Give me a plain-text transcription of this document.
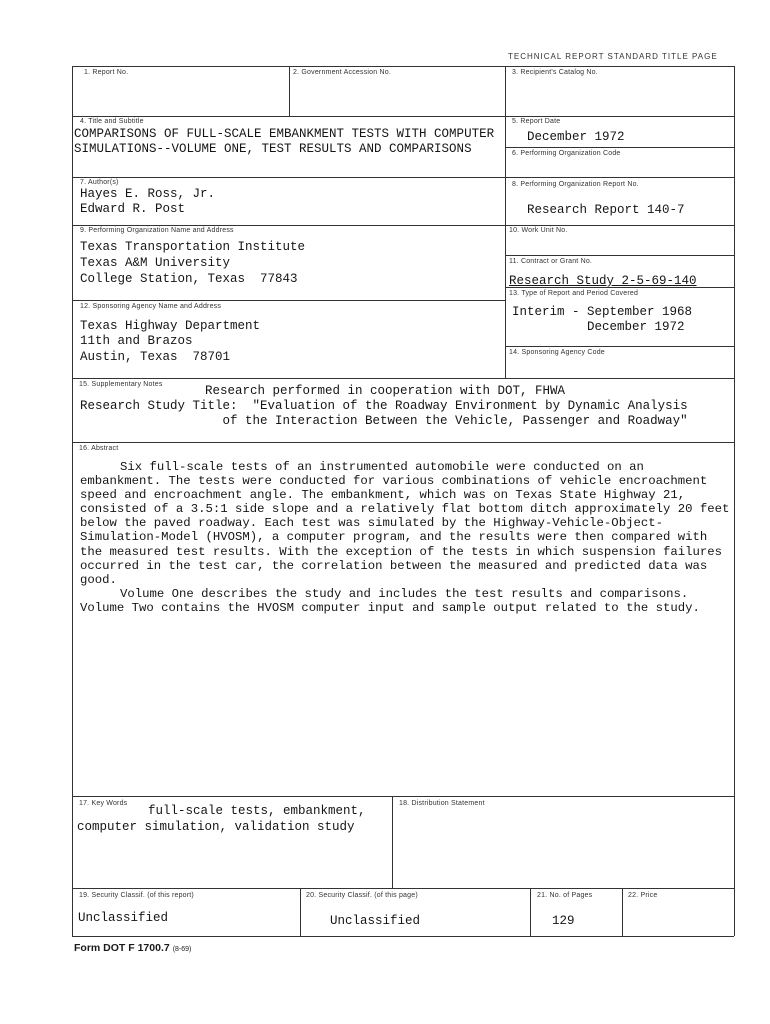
TECHNICAL REPORT STANDARD TITLE PAGE
1. Report No.	2. Government Accession No.	3. Recipient's Catalog No.
4. Title and Subtitle
COMPARISONS OF FULL-SCALE EMBANKMENT TESTS WITH COMPUTER
SIMULATIONS--VOLUME ONE, TEST RESULTS AND COMPARISONS
5. Report Date
December 1972
6. Performing Organization Code
7. Author(s)
Hayes E. Ross, Jr.
Edward R. Post
8. Performing Organization Report No.
Research Report 140-7
9. Performing Organization Name and Address
Texas Transportation Institute
Texas A&M University
College Station, Texas  77843
10. Work Unit No.
11. Contract or Grant No.
Research Study 2-5-69-140
13. Type of Report and Period Covered
Interim - September 1968
December 1972
12. Sponsoring Agency Name and Address
Texas Highway Department
11th and Brazos
Austin, Texas  78701	14. Sponsoring Agency Code
15. Supplementary Notes	Research performed in cooperation with DOT, FHWA
Research Study Title:  "Evaluation of the Roadway Environment by Dynamic Analysis
of the Interaction Between the Vehicle, Passenger and Roadway"
16. Abstract

Six full-scale tests of an instrumented automobile were conducted on an embankment. The tests were conducted for various combinations of vehicle encroachment speed and encroachment angle. The embankment, which was on Texas State Highway 21, consisted of a 3.5:1 side slope and a relatively flat bottom ditch approximately 20 feet below the paved roadway. Each test was simulated by the Highway-Vehicle-Object-Simulation-Model (HVOSM), a computer program, and the results were then compared with the measured test results. With the exception of the tests in which suspension failures occurred in the test car, the correlation between the measured and predicted data was good.

Volume One describes the study and includes the test results and comparisons. Volume Two contains the HVOSM computer input and sample output related to the study.

17. Key Words
full-scale tests, embankment,
computer simulation, validation study
18. Distribution Statement
19. Security Classif. (of this report)
Unclassified
20. Security Classif. (of this page)
Unclassified
21. No. of Pages
129
22. Price
Form DOT F 1700.7 (8-69)
